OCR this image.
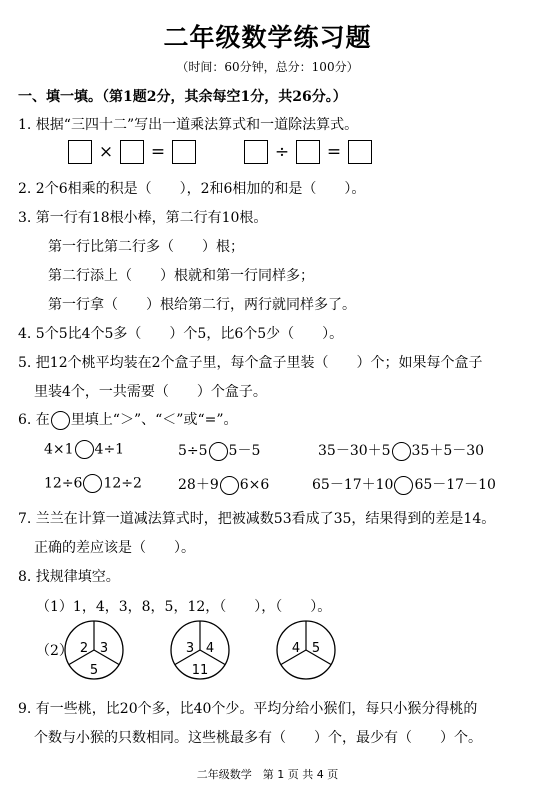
二年级数学练习题
（时间：60分钟，总分：100分）
一、填一填。（第1题2分，其余每空1分，共26分。）
1. 根据“三四十二”写出一道乘法算式和一道除法算式。
× =	÷ =
2. 2个6相乘的积是（　　），2和6相加的和是（　　）。
3. 第一行有18根小棒，第二行有10根。
第一行比第二行多（　　）根；
第二行添上（　　）根就和第一行同样多；
第一行拿（　　）根给第二行，两行就同样多了。
4. 5个5比4个5多（　　）个5，比6个5少（　　）。
5. 把12个桃平均装在2个盒子里，每个盒子里装（　　）个；如果每个盒子
里装4个，一共需要（　　）个盒子。
6. 在 里填上“＞”、“＜”或“=”。
4×1 4÷1	5÷5 5－5	35－30＋5 35＋5－30
12÷6 12÷2	28＋9 6×6	65－17＋10 65－17－10
7. 兰兰在计算一道减法算式时，把被减数53看成了35，结果得到的差是14。
正确的差应该是（　　）。
8. 找规律填空。
（1）1，4，3，8，5，12，（　　），（　　）。
（2） 2 3
5
3 4
11
4 5
9. 有一些桃，比20个多，比40个少。平均分给小猴们，每只小猴分得桃的
个数与小猴的只数相同。这些桃最多有（　　）个，最少有（　　）个。
二年级数学　第 1 页 共 4 页
